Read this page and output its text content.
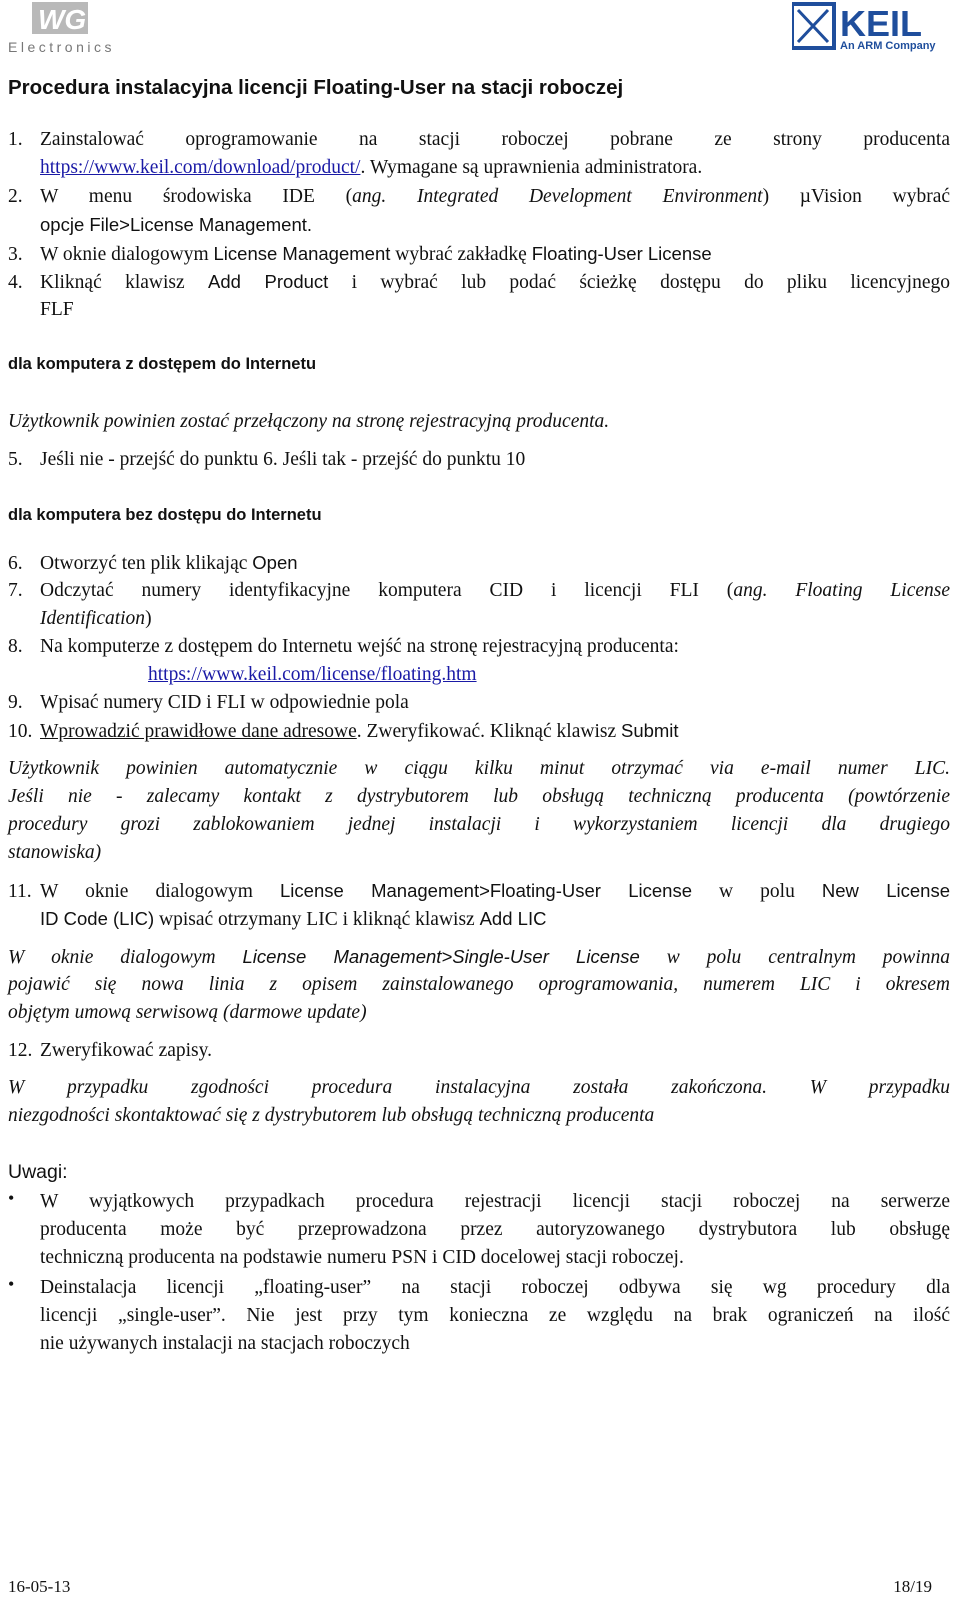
WG
Electronics
KEIL
An ARM Company
Procedura instalacyjna licencji Floating-User na stacji roboczej
1. Zainstalować oprogramowanie na stacji roboczej pobrane ze strony producenta
https://www.keil.com/download/product/. Wymagane są uprawnienia administratora.
2. W menu środowiska IDE (ang. Integrated Development Environment) µVision wybrać
opcje File>License Management.
3. W oknie dialogowym License Management wybrać zakładkę Floating-User License
4. Kliknąć klawisz Add Product i wybrać lub podać ścieżkę dostępu do pliku licencyjnego
FLF
dla komputera z dostępem do Internetu
Użytkownik powinien zostać przełączony na stronę rejestracyjną producenta.
5. Jeśli nie - przejść do punktu 6. Jeśli tak - przejść do punktu 10
dla komputera bez dostępu do Internetu
6. Otworzyć ten plik klikając Open
7. Odczytać numery identyfikacyjne komputera CID i licencji FLI (ang. Floating License
Identification)
8. Na komputerze z dostępem do Internetu wejść na stronę rejestracyjną producenta:
https://www.keil.com/license/floating.htm
9. Wpisać numery CID i FLI w odpowiednie pola
10. Wprowadzić prawidłowe dane adresowe. Zweryfikować. Kliknąć klawisz Submit
Użytkownik powinien automatycznie w ciągu kilku minut otrzymać via e-mail numer LIC.
Jeśli nie - zalecamy kontakt z dystrybutorem lub obsługą techniczną producenta (powtórzenie
procedury grozi zablokowaniem jednej instalacji i wykorzystaniem licencji dla drugiego
stanowiska)
11. W oknie dialogowym License Management>Floating-User License w polu New License
ID Code (LIC) wpisać otrzymany LIC i kliknąć klawisz Add LIC
W oknie dialogowym License Management>Single-User License w polu centralnym powinna
pojawić się nowa linia z opisem zainstalowanego oprogramowania, numerem LIC i okresem
objętym umową serwisową (darmowe update)
12. Zweryfikować zapisy.
W przypadku zgodności procedura instalacyjna została zakończona. W przypadku
niezgodności skontaktować się z dystrybutorem lub obsługą techniczną producenta
Uwagi:
•	W wyjątkowych przypadkach procedura rejestracji licencji stacji roboczej na serwerze
producenta może być przeprowadzona przez autoryzowanego dystrybutora lub obsługę
techniczną producenta na podstawie numeru PSN i CID docelowej stacji roboczej.
•	Deinstalacja licencji „floating-user” na stacji roboczej odbywa się wg procedury dla
licencji „single-user”. Nie jest przy tym konieczna ze względu na brak ograniczeń na ilość
nie używanych instalacji na stacjach roboczych
16-05-13	18/19
